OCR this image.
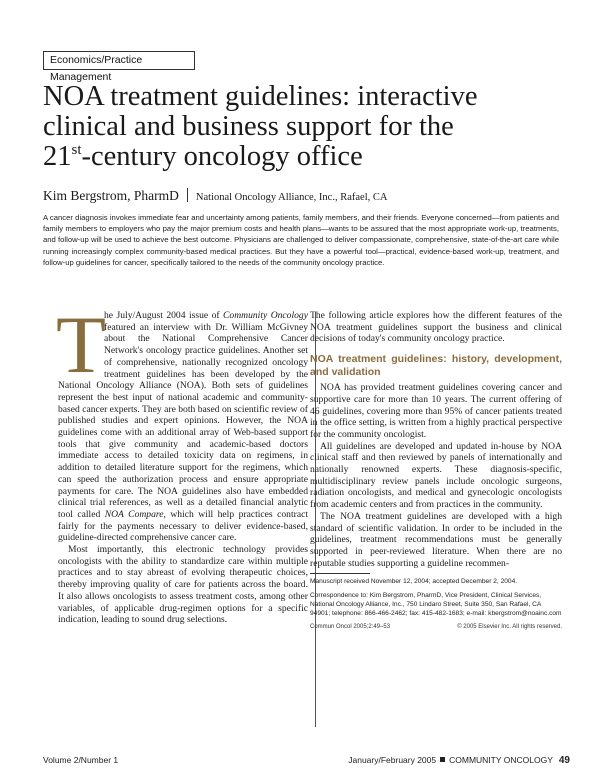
Economics/Practice Management
NOA treatment guidelines: interactive
clinical and business support for the
21st-century oncology office
Kim Bergstrom, PharmD National Oncology Alliance, Inc., Rafael, CA

A cancer diagnosis invokes immediate fear and uncertainty among patients, family members, and their friends. Everyone concerned—from patients and family members to employers who pay the major premium costs and health plans—wants to be assured that the most appropriate work-up, treatments, and follow-up will be used to achieve the best outcome. Physicians are challenged to deliver compassionate, comprehensive, state-of-the-art care while running increasingly complex community-based medical practices. But they have a powerful tool—practical, evidence-based work-up, treatment, and follow-up guidelines for cancer, specifically tailored to the needs of the community oncology practice.

T
he July/August 2004 issue of Community Oncology featured an interview with Dr. William McGivney about the National Comprehensive Cancer Network's oncology practice guidelines. Another set of comprehensive, nationally recognized oncology treatment guidelines has been developed by the National Oncology Alliance (NOA). Both sets of guidelines represent the best input of national academic and community-based cancer experts. They are both based on scientific review of published studies and expert opinions. However, the NOA guidelines come with an additional array of Web-based support tools that give community and academic-based doctors immediate access to detailed toxicity data on regimens, in addition to detailed literature support for the regimens, which can speed the authorization process and ensure appropriate payments for care. The NOA guidelines also have embedded clinical trial references, as well as a detailed financial analytic tool called NOA Compare, which will help practices contract fairly for the payments necessary to deliver evidence-based, guideline-directed comprehensive cancer care.

Most importantly, this electronic technology provides oncologists with the ability to standardize care within multiple practices and to stay abreast of evolving therapeutic choices, thereby improving quality of care for patients across the board. It also allows oncologists to assess treatment costs, among other variables, of applicable drug-regimen options for a specific indication, leading to sound drug selections.

The following article explores how the different features of the NOA treatment guidelines support the business and clinical decisions of today's community oncology practice.

NOA treatment guidelines: history, development, and validation

NOA has provided treatment guidelines covering cancer and supportive care for more than 10 years. The current offering of 46 guidelines, covering more than 95% of cancer patients treated in the office setting, is written from a highly practical perspective for the community oncologist.

All guidelines are developed and updated in-house by NOA clinical staff and then reviewed by panels of internationally and nationally renowned experts. These diagnosis-specific, multidisciplinary review panels include oncologic surgeons, radiation oncologists, and medical and gynecologic oncologists from academic centers and from practices in the community.

The NOA treatment guidelines are developed with a high standard of scientific validation. In order to be included in the guidelines, treatment recommendations must be generally supported in peer-reviewed literature. When there are no reputable studies supporting a guideline recommen-

Manuscript received November 12, 2004; accepted December 2, 2004.
Correspondence to: Kim Bergstrom, PharmD, Vice President, Clinical Services, National Oncology Alliance, Inc., 750 Lindaro Street, Suite 350, San Rafael, CA 94901; telephone: 866-466-2462; fax: 415-482-1683; e-mail: kbergstrom@noainc.com
Commun Oncol 2005;2:49–53	© 2005 Elsevier Inc. All rights reserved.
Volume 2/Number 1	January/February 2005 COMMUNITY ONCOLOGY 49
